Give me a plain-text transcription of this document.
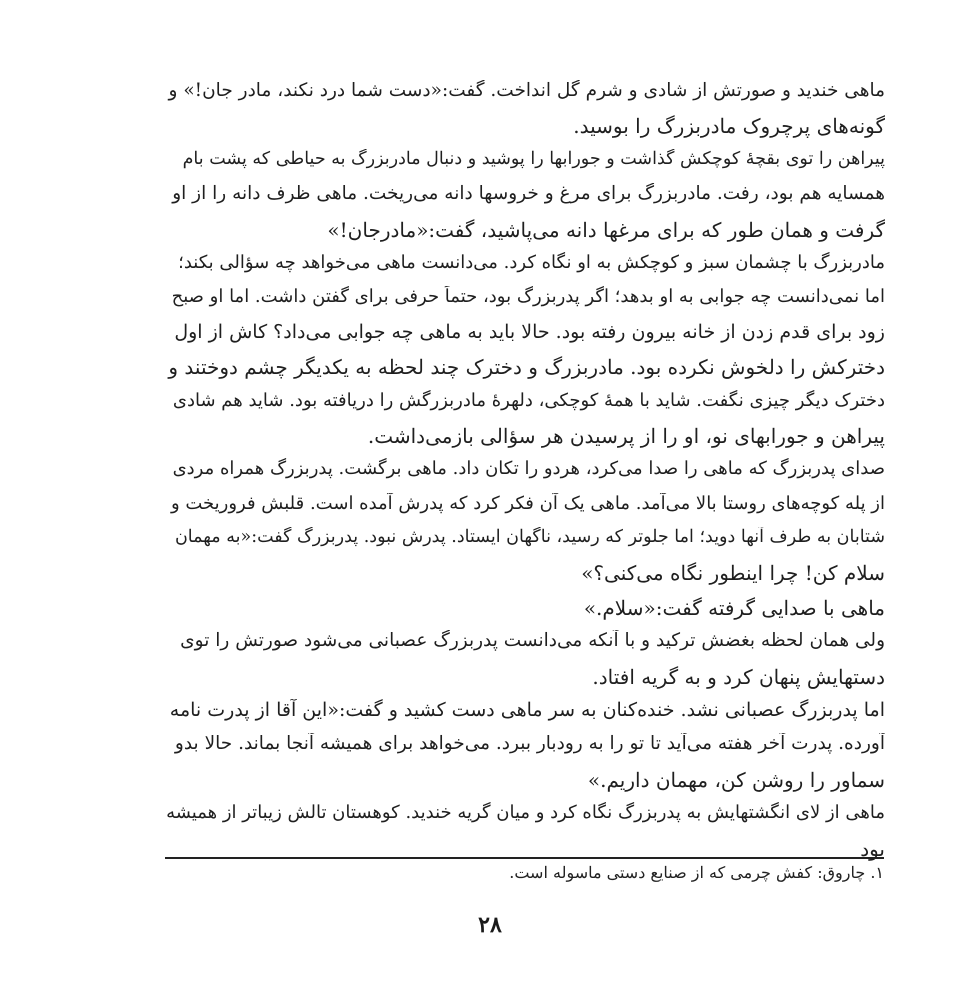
ماهی خندید و صورتش از شادی و شرم گل انداخت. گفت:«دست شما درد نکند، مادر جان!» و
گونه‌های پرچروک مادربزرگ را بوسید.
پیراهن را توی بقچهٔ کوچکش گذاشت و جورابها را پوشید و دنبال مادربزرگ به حیاطی که پشت بام
همسایه هم بود، رفت. مادربزرگ برای مرغ و خروسها دانه می‌ریخت. ماهی ظرف دانه را از او
گرفت و همان طور که برای مرغها دانه می‌پاشید، گفت:«مادرجان!»
مادربزرگ با چشمان سبز و کوچکش به او نگاه کرد. می‌دانست ماهی می‌خواهد چه سؤالی بکند؛
اما نمی‌دانست چه جوابی به او بدهد؛ اگر پدربزرگ بود، حتماً حرفی برای گفتن داشت. اما او صبح
زود برای قدم زدن از خانه بیرون رفته بود. حالا باید به ماهی چه جوابی می‌داد؟ کاش از اول
دخترکش را دلخوش نکرده بود. مادربزرگ و دخترک چند لحظه به یکدیگر چشم دوختند و
دخترک دیگر چیزی نگفت. شاید با همهٔ کوچکی، دلهرهٔ مادربزرگش را دریافته بود. شاید هم شادی
پیراهن و جورابهای نو، او را از پرسیدن هر سؤالی بازمی‌داشت.
صدای پدربزرگ که ماهی را صدا می‌کرد، هردو را تکان داد. ماهی برگشت. پدربزرگ همراه مردی
از پله کوچه‌های روستا بالا می‌آمد. ماهی یک آن فکر کرد که پدرش آمده است. قلبش فروریخت و
شتابان به طرف آنها دوید؛ اما جلوتر که رسید، ناگهان ایستاد. پدرش نبود. پدربزرگ گفت:«به مهمان
سلام کن! چرا اینطور نگاه می‌کنی؟»
ماهی با صدایی گرفته گفت:«سلام.»
ولی همان لحظه بغضش ترکید و با آنکه می‌دانست پدربزرگ عصبانی می‌شود صورتش را توی
دستهایش پنهان کرد و به گریه افتاد.
اما پدربزرگ عصبانی نشد. خنده‌کنان به سر ماهی دست کشید و گفت:«این آقا از پدرت نامه
آورده. پدرت آخر هفته می‌آید تا تو را به رودبار ببرد. می‌خواهد برای همیشه آنجا بماند. حالا بدو
سماور را روشن کن، مهمان داریم.»
ماهی از لای انگشتهایش به پدربزرگ نگاه کرد و میان گریه خندید. کوهستان تالش زیباتر از همیشه
بود
۱. چاروق: کفش چرمی که از صنایع دستی ماسوله است.
۲۸
